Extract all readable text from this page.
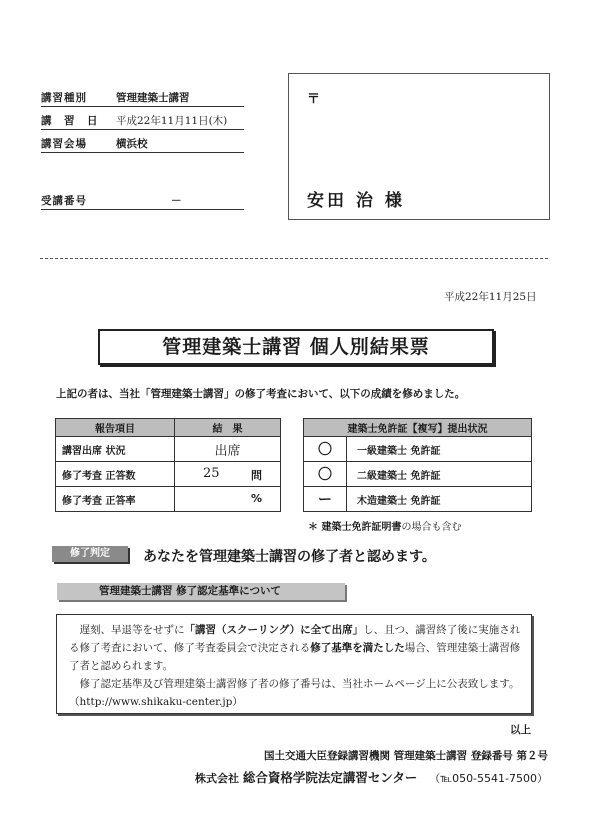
講習種別	管理建築士講習
講　習　日 平成22年11月11日(木)
講習会場	横浜校
受講番号	－
〒
安田 治 様
平成22年11月25日
管理建築士講習 個人別結果票
上記の者は、当社「管理建築士講習」の修了考査において、以下の成績を修めました。
報告項目	結　果
講習出席 状況	出席
修了考査 正答数	25 問

修了考査 正答率	%
建築士免許証【複写】提出状況	
〇	一級建築士 免許証
〇	二級建築士 免許証
ー	木造建築士 免許証
＊ 建築士免許証明書の場合も含む
修了判定	あなたを管理建築士講習の修了者と認めます。
管理建築士講習 修了認定基準について

遅刻、早退等をせずに「講習（スクーリング）に全て出席」し、且つ、講習終了後に実施される修了考査において、修了考査委員会で決定される修了基準を満たした場合、管理建築士講習修了者と認められます。

修了認定基準及び管理建築士講習修了者の修了番号は、当社ホームページ上に公表致します。（http://www.shikaku-center.jp）

以上
国土交通大臣登録講習機関 管理建築士講習 登録番号 第２号
株式会社 総合資格学院法定講習センター （℡050-5541-7500）
